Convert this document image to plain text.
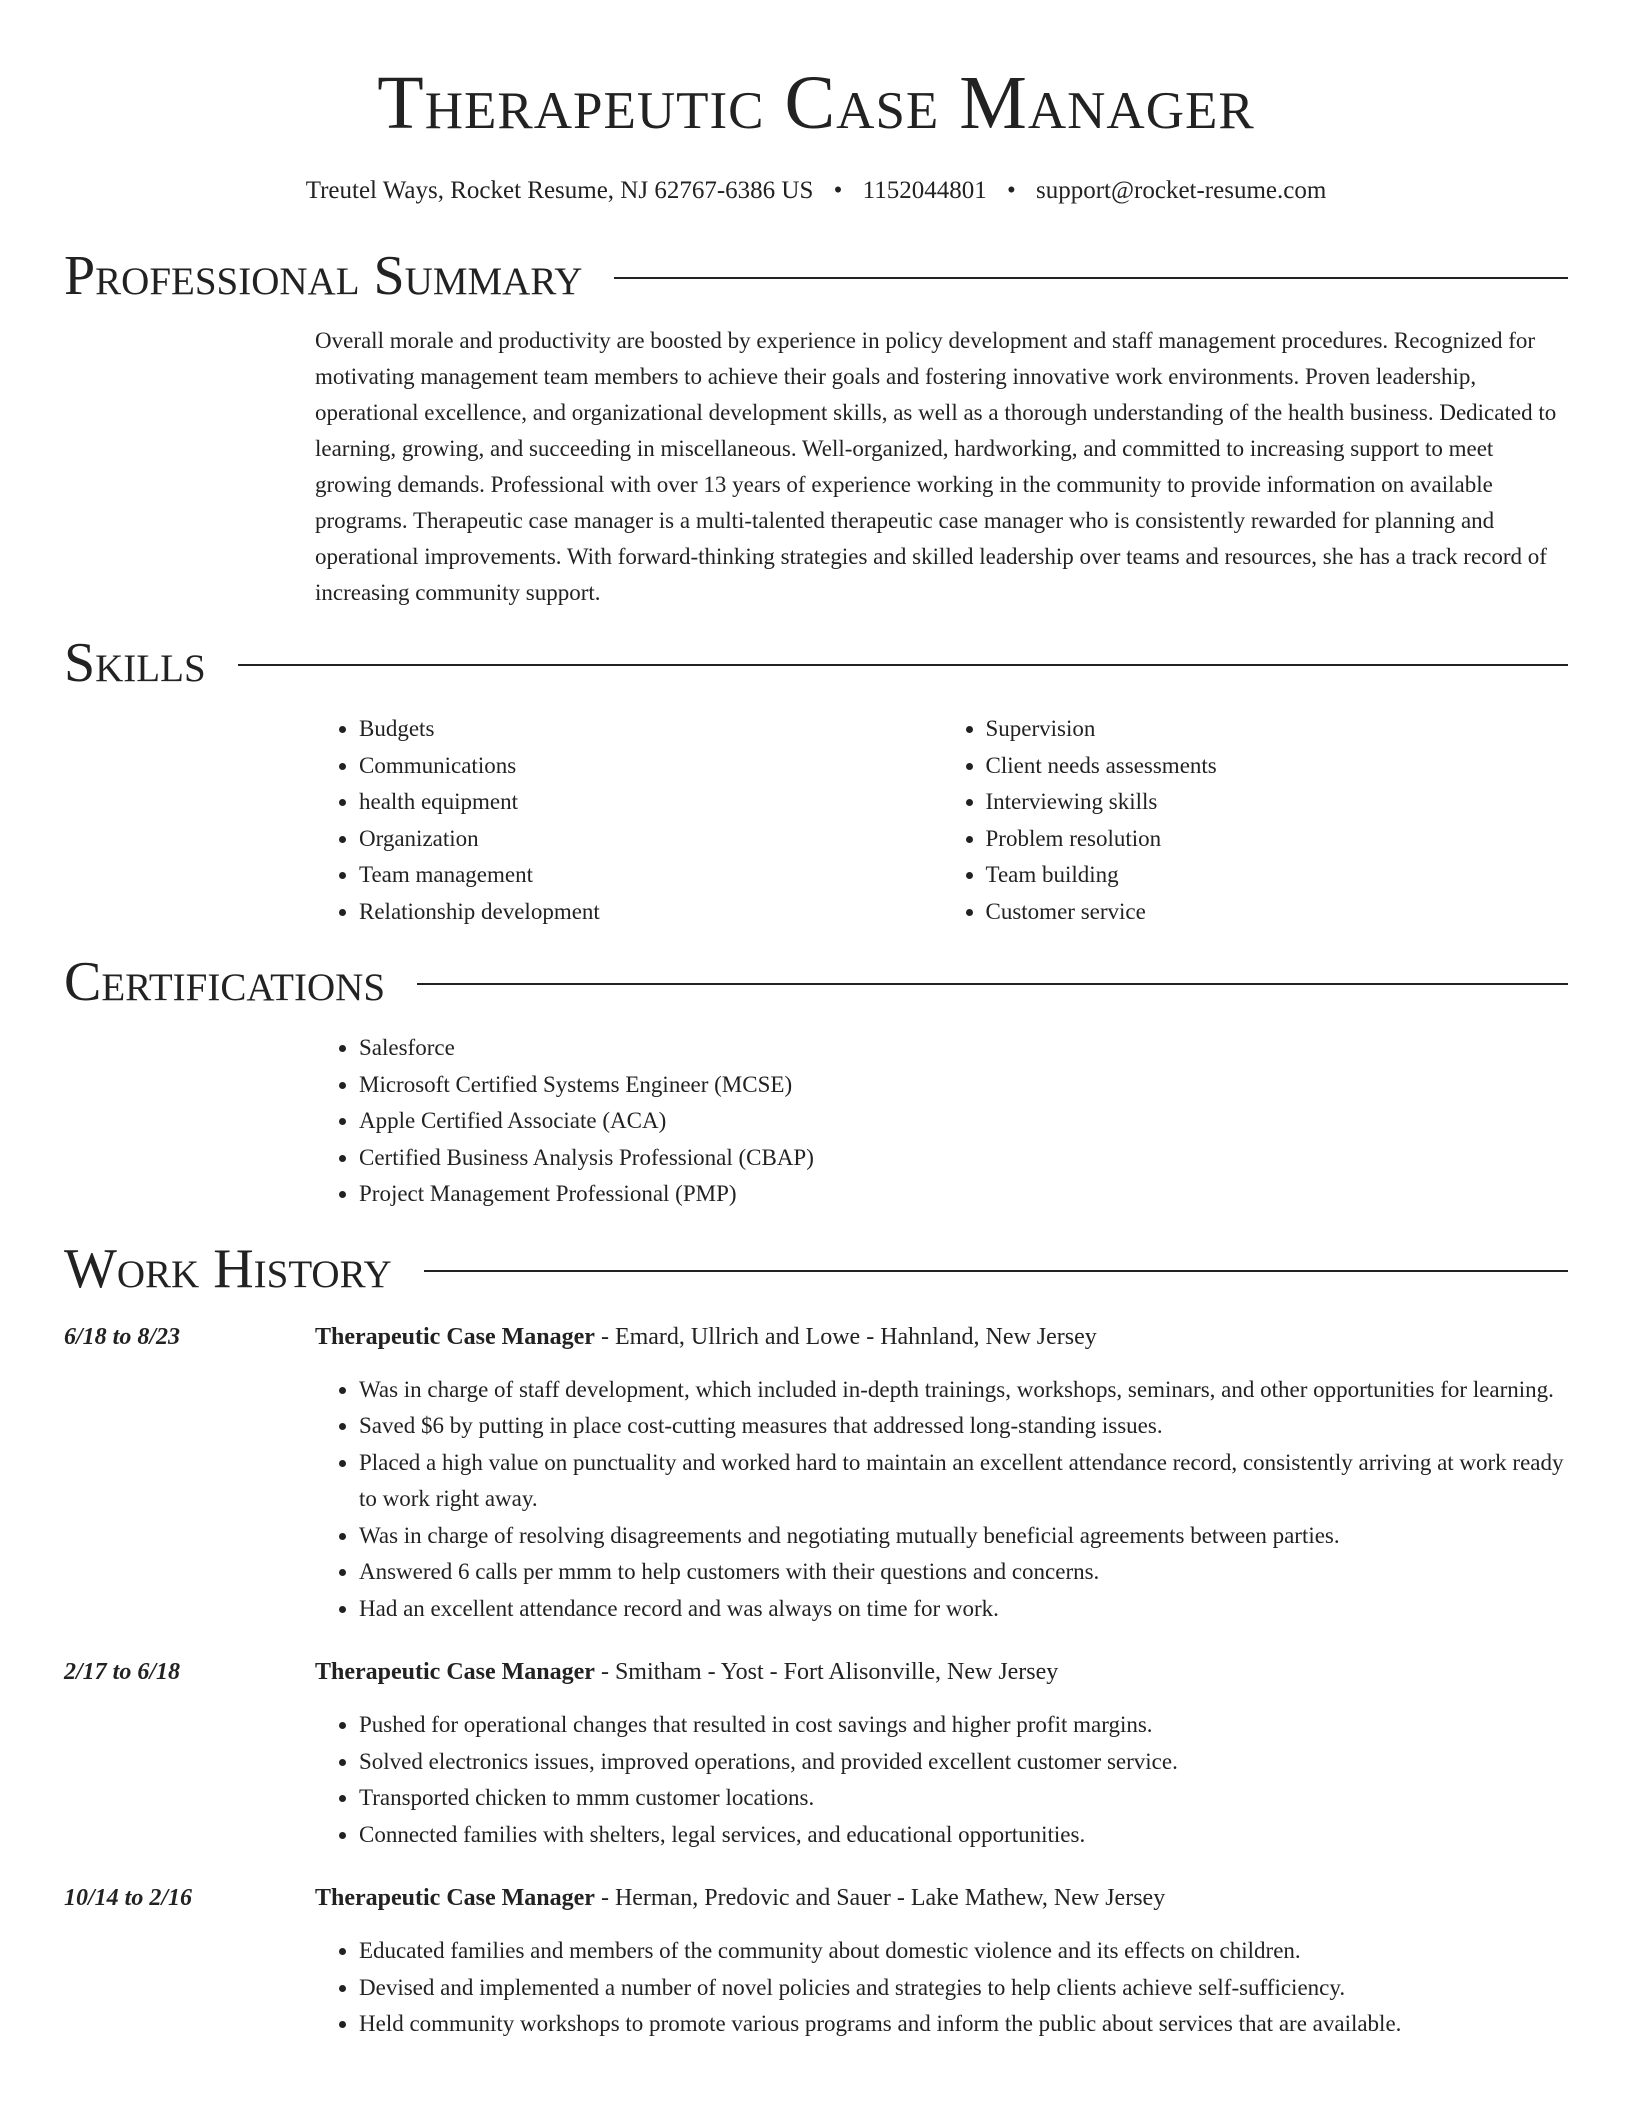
Therapeutic Case Manager
Treutel Ways, Rocket Resume, NJ 62767-6386 US • 1152044801 • support@rocket-resume.com
Professional Summary

Overall morale and productivity are boosted by experience in policy development and staff management procedures. Recognized for motivating management team members to achieve their goals and fostering innovative work environments. Proven leadership, operational excellence, and organizational development skills, as well as a thorough understanding of the health business. Dedicated to learning, growing, and succeeding in miscellaneous. Well-organized, hardworking, and committed to increasing support to meet growing demands. Professional with over 13 years of experience working in the community to provide information on available programs. Therapeutic case manager is a multi-talented therapeutic case manager who is consistently rewarded for planning and operational improvements. With forward-thinking strategies and skilled leadership over teams and resources, she has a track record of increasing community support.

Skills
• Budgets
• Communications
• health equipment
• Organization
• Team management
• Relationship development
• Supervision
• Client needs assessments
• Interviewing skills
• Problem resolution
• Team building
• Customer service
Certifications
• Salesforce
• Microsoft Certified Systems Engineer (MCSE)
• Apple Certified Associate (ACA)
• Certified Business Analysis Professional (CBAP)
• Project Management Professional (PMP)
Work History
6/18 to 8/23	Therapeutic Case Manager - Emard, Ullrich and Lowe - Hahnland, New Jersey
• Was in charge of staff development, which included in-depth trainings, workshops, seminars, and other opportunities for learning.
• Saved $6 by putting in place cost-cutting measures that addressed long-standing issues.
• Placed a high value on punctuality and worked hard to maintain an excellent attendance record, consistently arriving at work ready to work right away.
• Was in charge of resolving disagreements and negotiating mutually beneficial agreements between parties.
• Answered 6 calls per mmm to help customers with their questions and concerns.
• Had an excellent attendance record and was always on time for work.
2/17 to 6/18	Therapeutic Case Manager - Smitham - Yost - Fort Alisonville, New Jersey
• Pushed for operational changes that resulted in cost savings and higher profit margins.
• Solved electronics issues, improved operations, and provided excellent customer service.
• Transported chicken to mmm customer locations.
• Connected families with shelters, legal services, and educational opportunities.
10/14 to 2/16	Therapeutic Case Manager - Herman, Predovic and Sauer - Lake Mathew, New Jersey
• Educated families and members of the community about domestic violence and its effects on children.
• Devised and implemented a number of novel policies and strategies to help clients achieve self-sufficiency.
• Held community workshops to promote various programs and inform the public about services that are available.
